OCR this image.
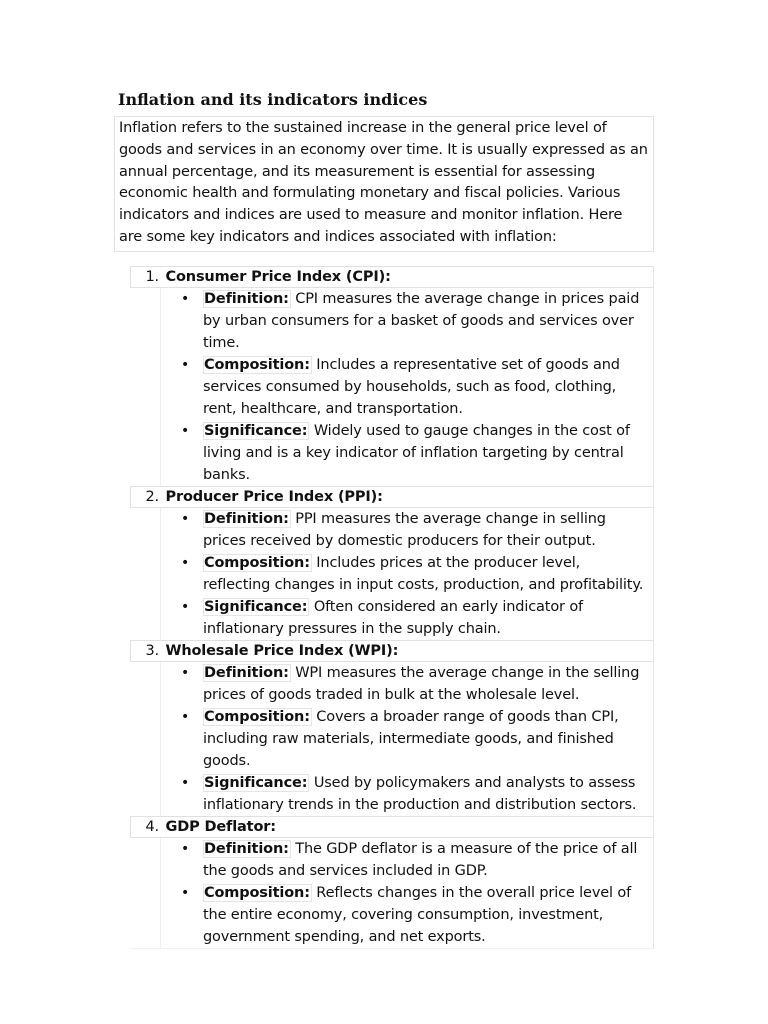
Inflation and its indicators indices

Inflation refers to the sustained increase in the general price level of goods and services in an economy over time. It is usually expressed as an annual percentage, and its measurement is essential for assessing economic health and formulating monetary and fiscal policies. Various indicators and indices are used to measure and monitor inflation. Here are some key indicators and indices associated with inflation:

1. Consumer Price Index (CPI):
• Definition: CPI measures the average change in prices paid by urban consumers for a basket of goods and services over time.
• Composition: Includes a representative set of goods and services consumed by households, such as food, clothing, rent, healthcare, and transportation.
• Significance: Widely used to gauge changes in the cost of living and is a key indicator of inflation targeting by central banks.
2. Producer Price Index (PPI):
• Definition: PPI measures the average change in selling prices received by domestic producers for their output.
• Composition: Includes prices at the producer level, reflecting changes in input costs, production, and profitability.
• Significance: Often considered an early indicator of inflationary pressures in the supply chain.
3. Wholesale Price Index (WPI):
• Definition: WPI measures the average change in the selling prices of goods traded in bulk at the wholesale level.
• Composition: Covers a broader range of goods than CPI, including raw materials, intermediate goods, and finished goods.
• Significance: Used by policymakers and analysts to assess inflationary trends in the production and distribution sectors.
4. GDP Deflator:
• Definition: The GDP deflator is a measure of the price of all the goods and services included in GDP.
• Composition: Reflects changes in the overall price level of the entire economy, covering consumption, investment, government spending, and net exports.
